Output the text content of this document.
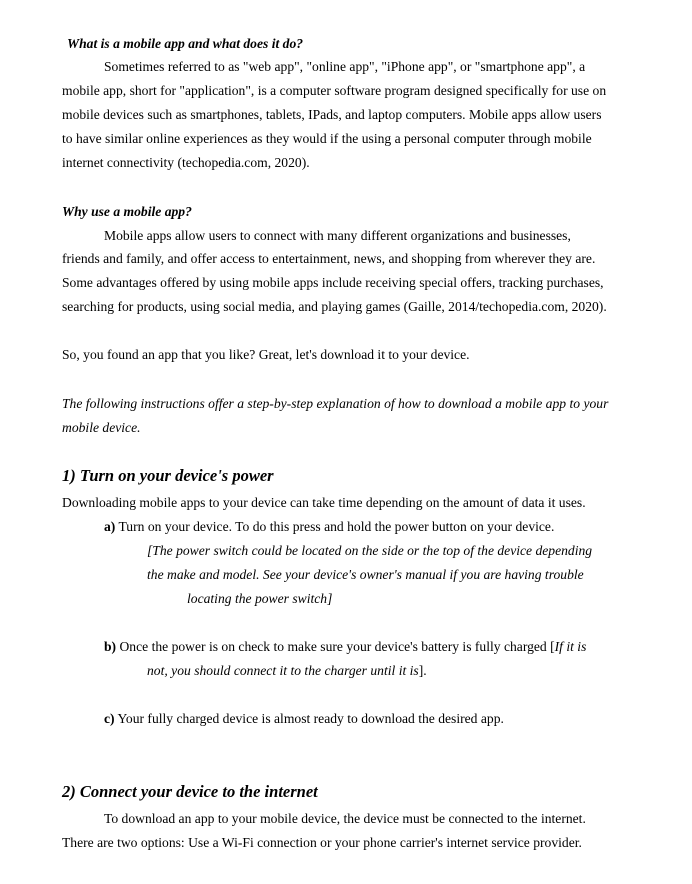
What is a mobile app and what does it do?
Sometimes referred to as "web app", "online app", "iPhone app", or "smartphone app", a
mobile app, short for "application", is a computer software program designed specifically for use on
mobile devices such as smartphones, tablets, IPads, and laptop computers. Mobile apps allow users
to have similar online experiences as they would if the using a personal computer through mobile
internet connectivity (techopedia.com, 2020).
Why use a mobile app?
Mobile apps allow users to connect with many different organizations and businesses,
friends and family, and offer access to entertainment, news, and shopping from wherever they are.
Some advantages offered by using mobile apps include receiving special offers, tracking purchases,
searching for products, using social media, and playing games (Gaille, 2014/techopedia.com, 2020).
So, you found an app that you like? Great, let's download it to your device.
The following instructions offer a step-by-step explanation of how to download a mobile app to your
mobile device.
1) Turn on your device's power
Downloading mobile apps to your device can take time depending on the amount of data it uses.
a) Turn on your device. To do this press and hold the power button on your device.
[The power switch could be located on the side or the top of the device depending
the make and model. See your device's owner's manual if you are having trouble
locating the power switch]
b) Once the power is on check to make sure your device's battery is fully charged [If it is
not, you should connect it to the charger until it is].
c) Your fully charged device is almost ready to download the desired app.
2) Connect your device to the internet
To download an app to your mobile device, the device must be connected to the internet.
There are two options: Use a Wi-Fi connection or your phone carrier's internet service provider.
